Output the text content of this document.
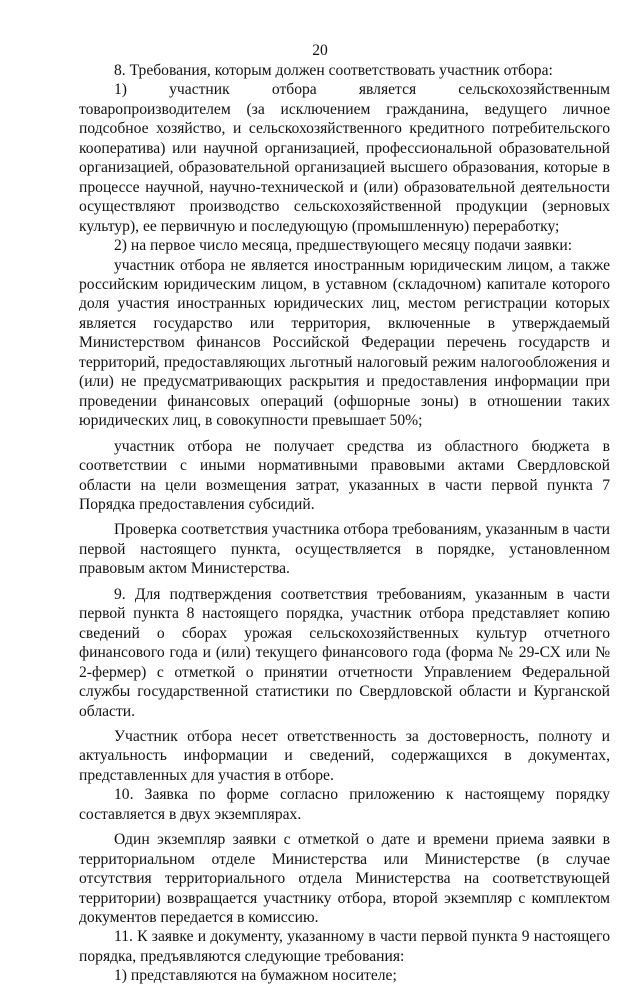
20

8. Требования, которым должен соответствовать участник отбора:

1) участник отбора является сельскохозяйственным товаропроизводителем (за исключением гражданина, ведущего личное подсобное хозяйство, и сельскохозяйственного кредитного потребительского кооператива) или научной организацией, профессиональной образовательной организацией, образовательной организацией высшего образования, которые в процессе научной, научно-технической и (или) образовательной деятельности осуществляют производство сельскохозяйственной продукции (зерновых культур), ее первичную и последующую (промышленную) переработку;

2) на первое число месяца, предшествующего месяцу подачи заявки:

участник отбора не является иностранным юридическим лицом, а также российским юридическим лицом, в уставном (складочном) капитале которого доля участия иностранных юридических лиц, местом регистрации которых является государство или территория, включенные в утверждаемый Министерством финансов Российской Федерации перечень государств и территорий, предоставляющих льготный налоговый режим налогообложения и (или) не предусматривающих раскрытия и предоставления информации при проведении финансовых операций (офшорные зоны) в отношении таких юридических лиц, в совокупности превышает 50%;

участник отбора не получает средства из областного бюджета в соответствии с иными нормативными правовыми актами Свердловской области на цели возмещения затрат, указанных в части первой пункта 7 Порядка предоставления субсидий.

Проверка соответствия участника отбора требованиям, указанным в части первой настоящего пункта, осуществляется в порядке, установленном правовым актом Министерства.

9. Для подтверждения соответствия требованиям, указанным в части первой пункта 8 настоящего порядка, участник отбора представляет копию сведений о сборах урожая сельскохозяйственных культур отчетного финансового года и (или) текущего финансового года (форма № 29-СХ или № 2-фермер) с отметкой о принятии отчетности Управлением Федеральной службы государственной статистики по Свердловской области и Курганской области.

Участник отбора несет ответственность за достоверность, полноту и актуальность информации и сведений, содержащихся в документах, представленных для участия в отборе.

10. Заявка по форме согласно приложению к настоящему порядку составляется в двух экземплярах.

Один экземпляр заявки с отметкой о дате и времени приема заявки в территориальном отделе Министерства или Министерстве (в случае отсутствия территориального отдела Министерства на соответствующей территории) возвращается участнику отбора, второй экземпляр с комплектом документов передается в комиссию.

11. К заявке и документу, указанному в части первой пункта 9 настоящего порядка, предъявляются следующие требования:

1) представляются на бумажном носителе;
